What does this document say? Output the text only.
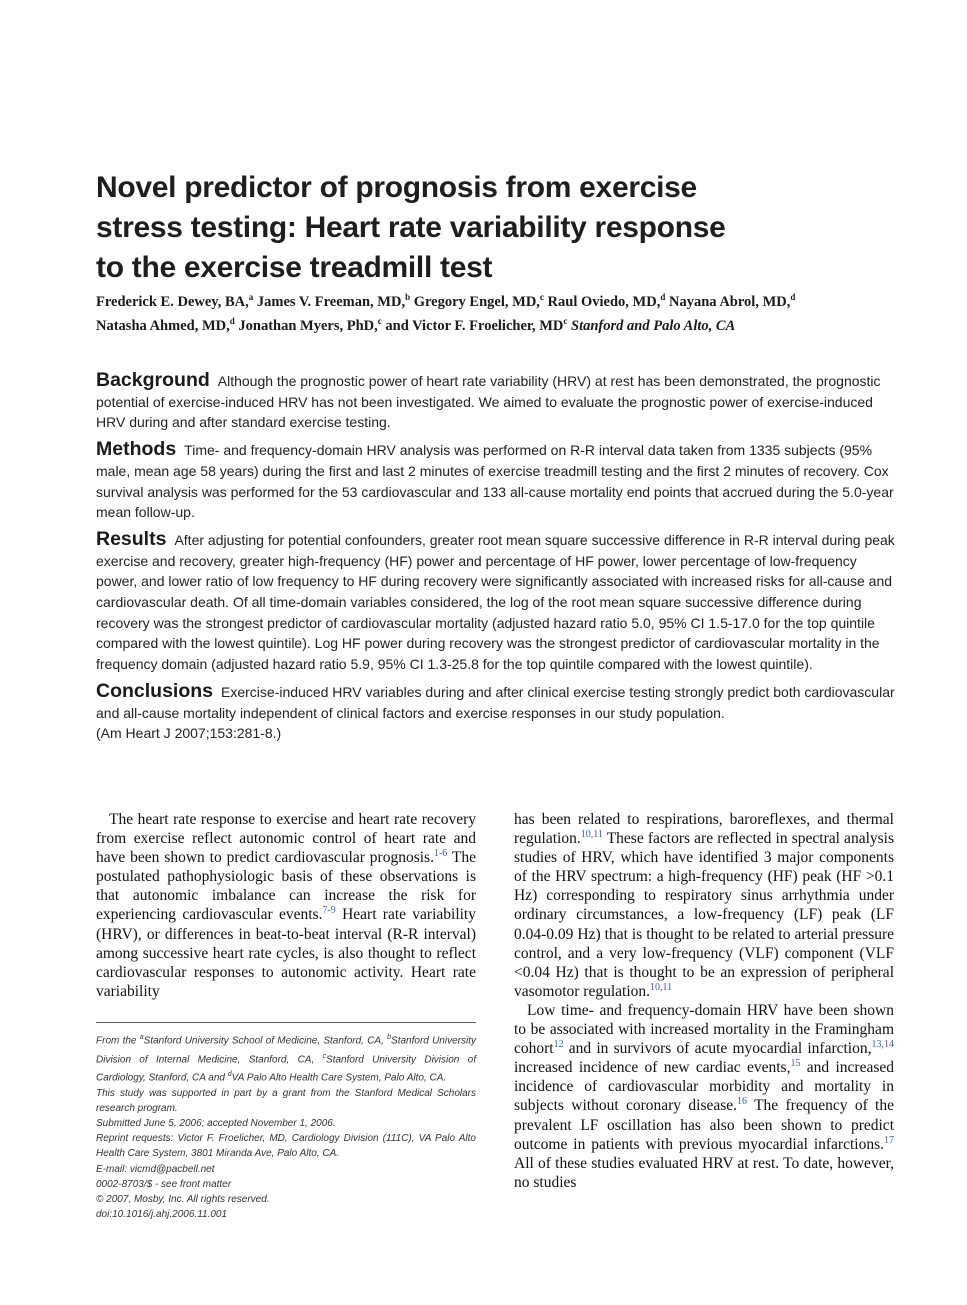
Novel predictor of prognosis from exercise
stress testing: Heart rate variability response
to the exercise treadmill test
Frederick E. Dewey, BA,$^a$ James V. Freeman, MD,$^b$ Gregory Engel, MD,$^c$ Raul Oviedo, MD,$^d$ Nayana Abrol, MD,$^d$
Natasha Ahmed, MD,$^d$ Jonathan Myers, PhD,$^c$ and Victor F. Froelicher, $MD^c$ Stanford and Palo Alto, CA

Background Although the prognostic power of heart rate variability (HRV) at rest has been demonstrated, the prognostic potential of exercise-induced HRV has not been investigated. We aimed to evaluate the prognostic power of exercise-induced HRV during and after standard exercise testing.

Methods Time- and frequency-domain HRV analysis was performed on R-R interval data taken from 1335 subjects (95% male, mean age 58 years) during the first and last 2 minutes of exercise treadmill testing and the first 2 minutes of recovery. Cox survival analysis was performed for the 53 cardiovascular and 133 all-cause mortality end points that accrued during the 5.0-year mean follow-up.

Results After adjusting for potential confounders, greater root mean square successive difference in R-R interval during peak exercise and recovery, greater high-frequency (HF) power and percentage of HF power, lower percentage of low-frequency power, and lower ratio of low frequency to HF during recovery were significantly associated with increased risks for all-cause and cardiovascular death. Of all time-domain variables considered, the log of the root mean square successive difference during recovery was the strongest predictor of cardiovascular mortality (adjusted hazard ratio 5.0, 95% CI 1.5-17.0 for the top quintile compared with the lowest quintile). Log HF power during recovery was the strongest predictor of cardiovascular mortality in the frequency domain (adjusted hazard ratio 5.9, 95% CI 1.3-25.8 for the top quintile compared with the lowest quintile).

Conclusions Exercise-induced HRV variables during and after clinical exercise testing strongly predict both cardiovascular and all-cause mortality independent of clinical factors and exercise responses in our study population.
(Am Heart J 2007;153:281-8.)

The heart rate response to exercise and heart rate recovery from exercise reflect autonomic control of heart rate and have been shown to predict cardiovascular prognosis.$^{1-6}$ The postulated pathophysiologic basis of these observations is that autonomic imbalance can increase the risk for experiencing cardiovascular events.$^{7-9}$ Heart rate variability (HRV), or differences in beat-to-beat interval (R-R interval) among successive heart rate cycles, is also thought to reflect cardiovascular responses to autonomic activity. Heart rate variability

From the $^a$Stanford University School of Medicine, Stanford, CA, $^b$Stanford University Division of Internal Medicine, Stanford, CA, $^c$Stanford University Division of Cardiology, Stanford, CA and $^d$VA Palo Alto Health Care System, Palo Alto, CA.
This study was supported in part by a grant from the Stanford Medical Scholars research program.
Submitted June 5, 2006; accepted November 1, 2006.
Reprint requests: Victor F. Froelicher, MD, Cardiology Division (111C), VA Palo Alto Health Care System, 3801 Miranda Ave, Palo Alto, CA.
E-mail: vicmd@pacbell.net
0002-8703/$ - see front matter
© 2007, Mosby, Inc. All rights reserved.
doi:10.1016/j.ahj.2006.11.001

has been related to respirations, baroreflexes, and thermal regulation.$^{10,11}$ These factors are reflected in spectral analysis studies of HRV, which have identified 3 major components of the HRV spectrum: a high-frequency (HF) peak (HF >0.1 Hz) corresponding to respiratory sinus arrhythmia under ordinary circumstances, a low-frequency (LF) peak (LF 0.04-0.09 Hz) that is thought to be related to arterial pressure control, and a very low-frequency (VLF) component (VLF <0.04 Hz) that is thought to be an expression of peripheral vasomotor regulation.$^{10,11}$

Low time- and frequency-domain HRV have been shown to be associated with increased mortality in the Framingham cohort$^{12}$ and in survivors of acute myocardial infarction,$^{13,14}$ increased incidence of new cardiac events,$^{15}$ and increased incidence of cardiovascular morbidity and mortality in subjects without coronary disease.$^{16}$ The frequency of the prevalent LF oscillation has also been shown to predict outcome in patients with previous myocardial infarctions.$^{17}$ All of these studies evaluated HRV at rest. To date, however, no studies
